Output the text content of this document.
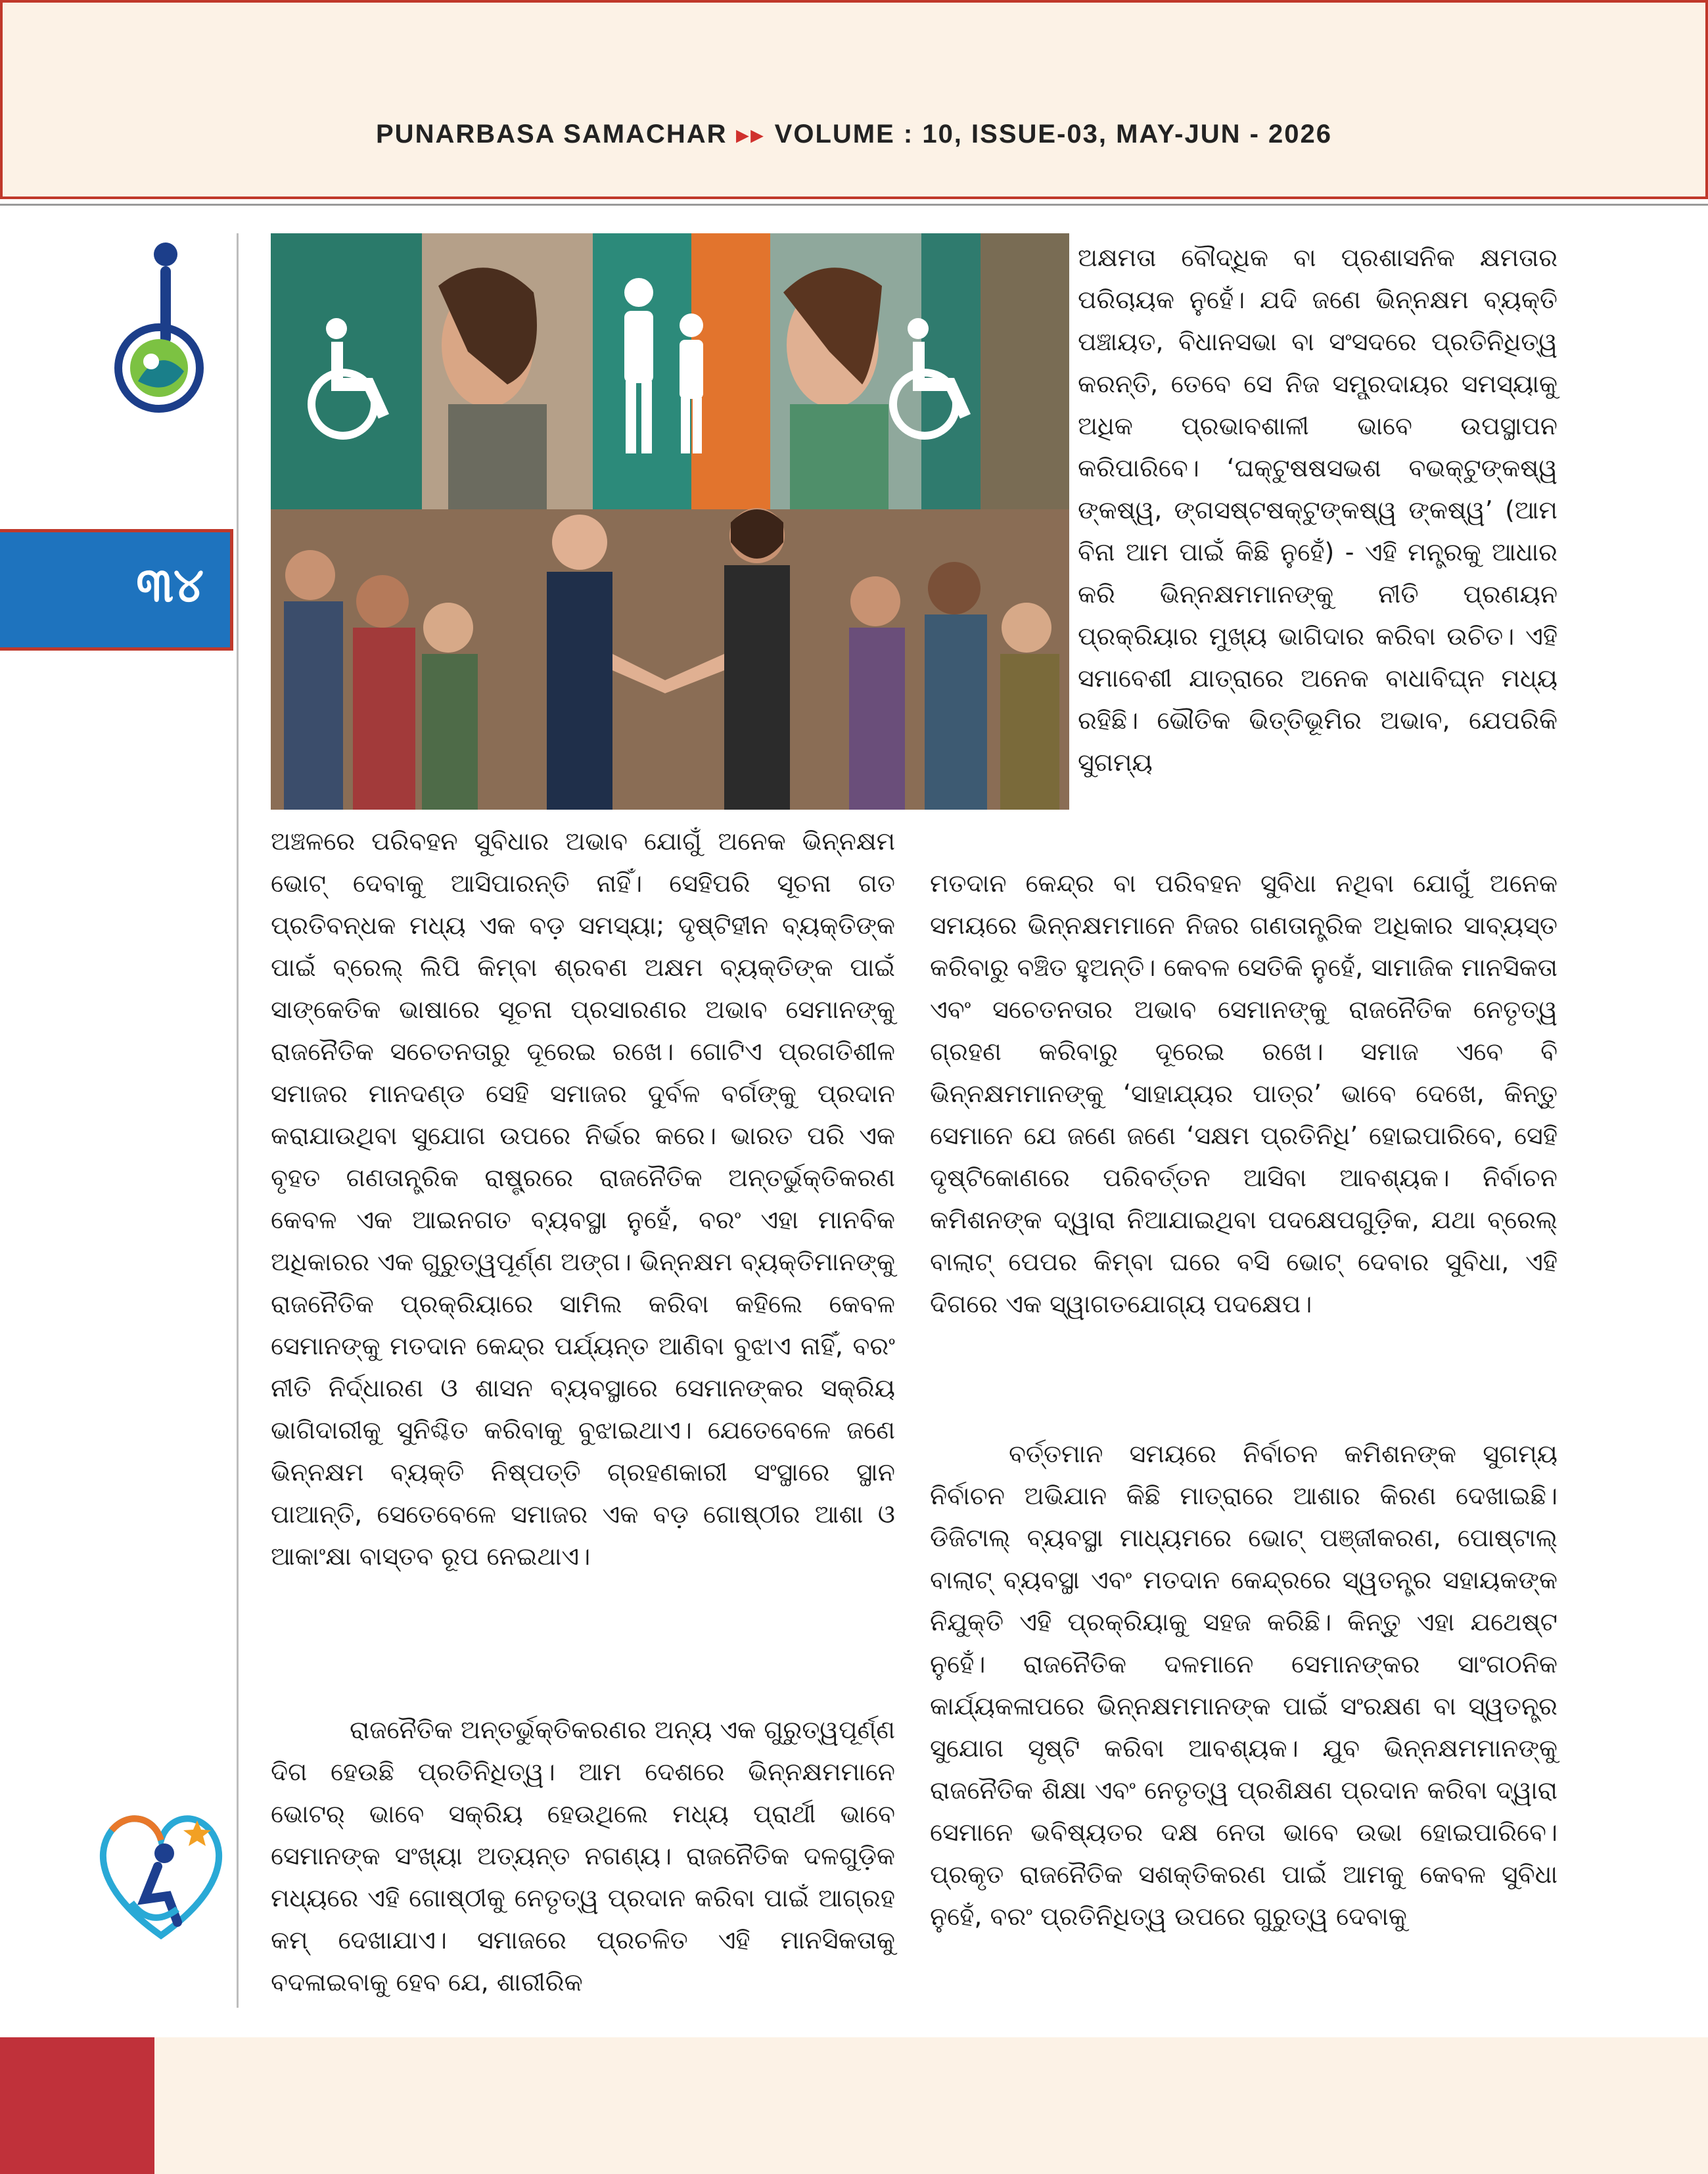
PUNARBASA SAMACHAR ▸▸ VOLUME : 10, ISSUE-03, MAY-JUN - 2026
୩୪

ଅକ୍ଷମତା ବୌଦ୍ଧିକ ବା ପ୍ରଶାସନିକ କ୍ଷମତାର ପରିଚାୟକ ନୁହେଁ। ଯଦି ଜଣେ ଭିନ୍ନକ୍ଷମ ବ୍ୟକ୍ତି ପଞ୍ଚାୟତ, ବିଧାନସଭା ବା ସଂସଦରେ ପ୍ରତିନିଧିତ୍ୱ କରନ୍ତି, ତେବେ ସେ ନିଜ ସମ୍ପ୍ରଦାୟର ସମସ୍ୟାକୁ ଅଧିକ ପ୍ରଭାବଶାଳୀ ଭାବେ ଉପସ୍ଥାପନ କରିପାରିବେ। ‘ଘକ୍ଟୁଷଷସଭଶ ବଭକ୍ଟୁଙ୍କଷ୍ୱ ଙ୍କଷ୍ୱ, ଙ୍ଗସଷ୍ଟଷକ୍ଟୁଙ୍କଷ୍ୱ ଙ୍କଷ୍ୱ’ (ଆମ ବିନା ଆମ ପାଇଁ କିଛି ନୁହେଁ) - ଏହି ମନ୍ତ୍ରକୁ ଆଧାର କରି ଭିନ୍ନକ୍ଷମମାନଙ୍କୁ ନୀତି ପ୍ରଣୟନ ପ୍ରକ୍ରିୟାର ମୁଖ୍ୟ ଭାଗିଦାର କରିବା ଉଚିତ। ଏହି ସମାବେଶୀ ଯାତ୍ରାରେ ଅନେକ ବାଧାବିଘ୍ନ ମଧ୍ୟ ରହିଛି। ଭୌତିକ ଭିତ୍ତିଭୂମିର ଅଭାବ, ଯେପରିକି ସୁଗମ୍ୟ

ଅଞ୍ଚଳରେ ପରିବହନ ସୁବିଧାର ଅଭାବ ଯୋଗୁଁ ଅନେକ ଭିନ୍ନକ୍ଷମ ଭୋଟ୍ ଦେବାକୁ ଆସିପାରନ୍ତି ନାହିଁ। ସେହିପରି ସୂଚନା ଗତ ପ୍ରତିବନ୍ଧକ ମଧ୍ୟ ଏକ ବଡ଼ ସମସ୍ୟା; ଦୃଷ୍ଟିହୀନ ବ୍ୟକ୍ତିଙ୍କ ପାଇଁ ବ୍ରେଲ୍ ଲିପି କିମ୍ବା ଶ୍ରବଣ ଅକ୍ଷମ ବ୍ୟକ୍ତିଙ୍କ ପାଇଁ ସାଙ୍କେତିକ ଭାଷାରେ ସୂଚନା ପ୍ରସାରଣର ଅଭାବ ସେମାନଙ୍କୁ ରାଜନୈତିକ ସଚେତନତାରୁ ଦୂରେଇ ରଖେ। ଗୋଟିଏ ପ୍ରଗତିଶୀଳ ସମାଜର ମାନଦଣ୍ଡ ସେହି ସମାଜର ଦୁର୍ବଳ ବର୍ଗଙ୍କୁ ପ୍ରଦାନ କରାଯାଉଥିବା ସୁଯୋଗ ଉପରେ ନିର୍ଭର କରେ। ଭାରତ ପରି ଏକ ବୃହତ ଗଣତାନ୍ତ୍ରିକ ରାଷ୍ଟ୍ରରେ ରାଜନୈତିକ ଅନ୍ତର୍ଭୁକ୍ତିକରଣ କେବଳ ଏକ ଆଇନଗତ ବ୍ୟବସ୍ଥା ନୁହେଁ, ବରଂ ଏହା ମାନବିକ ଅଧିକାରର ଏକ ଗୁରୁତ୍ୱପୂର୍ଣ୍ଣ ଅଙ୍ଗ। ଭିନ୍ନକ୍ଷମ ବ୍ୟକ୍ତିମାନଙ୍କୁ ରାଜନୈତିକ ପ୍ରକ୍ରିୟାରେ ସାମିଲ କରିବା କହିଲେ କେବଳ ସେମାନଙ୍କୁ ମତଦାନ କେନ୍ଦ୍ର ପର୍ଯ୍ୟନ୍ତ ଆଣିବା ବୁଝାଏ ନାହିଁ, ବରଂ ନୀତି ନିର୍ଦ୍ଧାରଣ ଓ ଶାସନ ବ୍ୟବସ୍ଥାରେ ସେମାନଙ୍କର ସକ୍ରିୟ ଭାଗିଦାରୀକୁ ସୁନିଶ୍ଚିତ କରିବାକୁ ବୁଝାଇଥାଏ। ଯେତେବେଳେ ଜଣେ ଭିନ୍ନକ୍ଷମ ବ୍ୟକ୍ତି ନିଷ୍ପତ୍ତି ଗ୍ରହଣକାରୀ ସଂସ୍ଥାରେ ସ୍ଥାନ ପାଆନ୍ତି, ସେତେବେଳେ ସମାଜର ଏକ ବଡ଼ ଗୋଷ୍ଠୀର ଆଶା ଓ ଆକାଂକ୍ଷା ବାସ୍ତବ ରୂପ ନେଇଥାଏ।

ରାଜନୈତିକ ଅନ୍ତର୍ଭୁକ୍ତିକରଣର ଅନ୍ୟ ଏକ ଗୁରୁତ୍ୱପୂର୍ଣ୍ଣ ଦିଗ ହେଉଛି ପ୍ରତିନିଧିତ୍ୱ। ଆମ ଦେଶରେ ଭିନ୍ନକ୍ଷମମାନେ ଭୋଟର୍ ଭାବେ ସକ୍ରିୟ ହେଉଥିଲେ ମଧ୍ୟ ପ୍ରାର୍ଥୀ ଭାବେ ସେମାନଙ୍କ ସଂଖ୍ୟା ଅତ୍ୟନ୍ତ ନଗଣ୍ୟ। ରାଜନୈତିକ ଦଳଗୁଡ଼ିକ ମଧ୍ୟରେ ଏହି ଗୋଷ୍ଠୀକୁ ନେତୃତ୍ୱ ପ୍ରଦାନ କରିବା ପାଇଁ ଆଗ୍ରହ କମ୍ ଦେଖାଯାଏ। ସମାଜରେ ପ୍ରଚଳିତ ଏହି ମାନସିକତାକୁ ବଦଳାଇବାକୁ ହେବ ଯେ, ଶାରୀରିକ

ମତଦାନ କେନ୍ଦ୍ର ବା ପରିବହନ ସୁବିଧା ନଥିବା ଯୋଗୁଁ ଅନେକ ସମୟରେ ଭିନ୍ନକ୍ଷମମାନେ ନିଜର ଗଣତାନ୍ତ୍ରିକ ଅଧିକାର ସାବ୍ୟସ୍ତ କରିବାରୁ ବଞ୍ଚିତ ହୁଅନ୍ତି। କେବଳ ସେତିକି ନୁହେଁ, ସାମାଜିକ ମାନସିକତା ଏବଂ ସଚେତନତାର ଅଭାବ ସେମାନଙ୍କୁ ରାଜନୈତିକ ନେତୃତ୍ୱ ଗ୍ରହଣ କରିବାରୁ ଦୂରେଇ ରଖେ। ସମାଜ ଏବେ ବି ଭିନ୍ନକ୍ଷମମାନଙ୍କୁ ‘ସାହାଯ୍ୟର ପାତ୍ର’ ଭାବେ ଦେଖେ, କିନ୍ତୁ ସେମାନେ ଯେ ଜଣେ ଜଣେ ‘ସକ୍ଷମ ପ୍ରତିନିଧି’ ହୋଇପାରିବେ, ସେହି ଦୃଷ୍ଟିକୋଣରେ ପରିବର୍ତ୍ତନ ଆସିବା ଆବଶ୍ୟକ। ନିର୍ବାଚନ କମିଶନଙ୍କ ଦ୍ୱାରା ନିଆଯାଇଥିବା ପଦକ୍ଷେପଗୁଡ଼ିକ, ଯଥା ବ୍ରେଲ୍ ବାଲାଟ୍ ପେପର କିମ୍ବା ଘରେ ବସି ଭୋଟ୍ ଦେବାର ସୁବିଧା, ଏହି ଦିଗରେ ଏକ ସ୍ୱାଗତଯୋଗ୍ୟ ପଦକ୍ଷେପ।

ବର୍ତ୍ତମାନ ସମୟରେ ନିର୍ବାଚନ କମିଶନଙ୍କ ସୁଗମ୍ୟ ନିର୍ବାଚନ ଅଭିଯାନ କିଛି ମାତ୍ରାରେ ଆଶାର କିରଣ ଦେଖାଇଛି। ଡିଜିଟାଲ୍ ବ୍ୟବସ୍ଥା ମାଧ୍ୟମରେ ଭୋଟ୍ ପଞ୍ଜୀକରଣ, ପୋଷ୍ଟାଲ୍ ବାଲାଟ୍ ବ୍ୟବସ୍ଥା ଏବଂ ମତଦାନ କେନ୍ଦ୍ରରେ ସ୍ୱତନ୍ତ୍ର ସହାୟକଙ୍କ ନିଯୁକ୍ତି ଏହି ପ୍ରକ୍ରିୟାକୁ ସହଜ କରିଛି। କିନ୍ତୁ ଏହା ଯଥେଷ୍ଟ ନୁହେଁ। ରାଜନୈତିକ ଦଳମାନେ ସେମାନଙ୍କର ସାଂଗଠନିକ କାର୍ଯ୍ୟକଳାପରେ ଭିନ୍ନକ୍ଷମମାନଙ୍କ ପାଇଁ ସଂରକ୍ଷଣ ବା ସ୍ୱତନ୍ତ୍ର ସୁଯୋଗ ସୃଷ୍ଟି କରିବା ଆବଶ୍ୟକ। ଯୁବ ଭିନ୍ନକ୍ଷମମାନଙ୍କୁ ରାଜନୈତିକ ଶିକ୍ଷା ଏବଂ ନେତୃତ୍ୱ ପ୍ରଶିକ୍ଷଣ ପ୍ରଦାନ କରିବା ଦ୍ୱାରା ସେମାନେ ଭବିଷ୍ୟତର ଦକ୍ଷ ନେତା ଭାବେ ଉଭା ହୋଇପାରିବେ। ପ୍ରକୃତ ରାଜନୈତିକ ସଶକ୍ତିକରଣ ପାଇଁ ଆମକୁ କେବଳ ସୁବିଧା ନୁହେଁ, ବରଂ ପ୍ରତିନିଧିତ୍ୱ ଉପରେ ଗୁରୁତ୍ୱ ଦେବାକୁ
